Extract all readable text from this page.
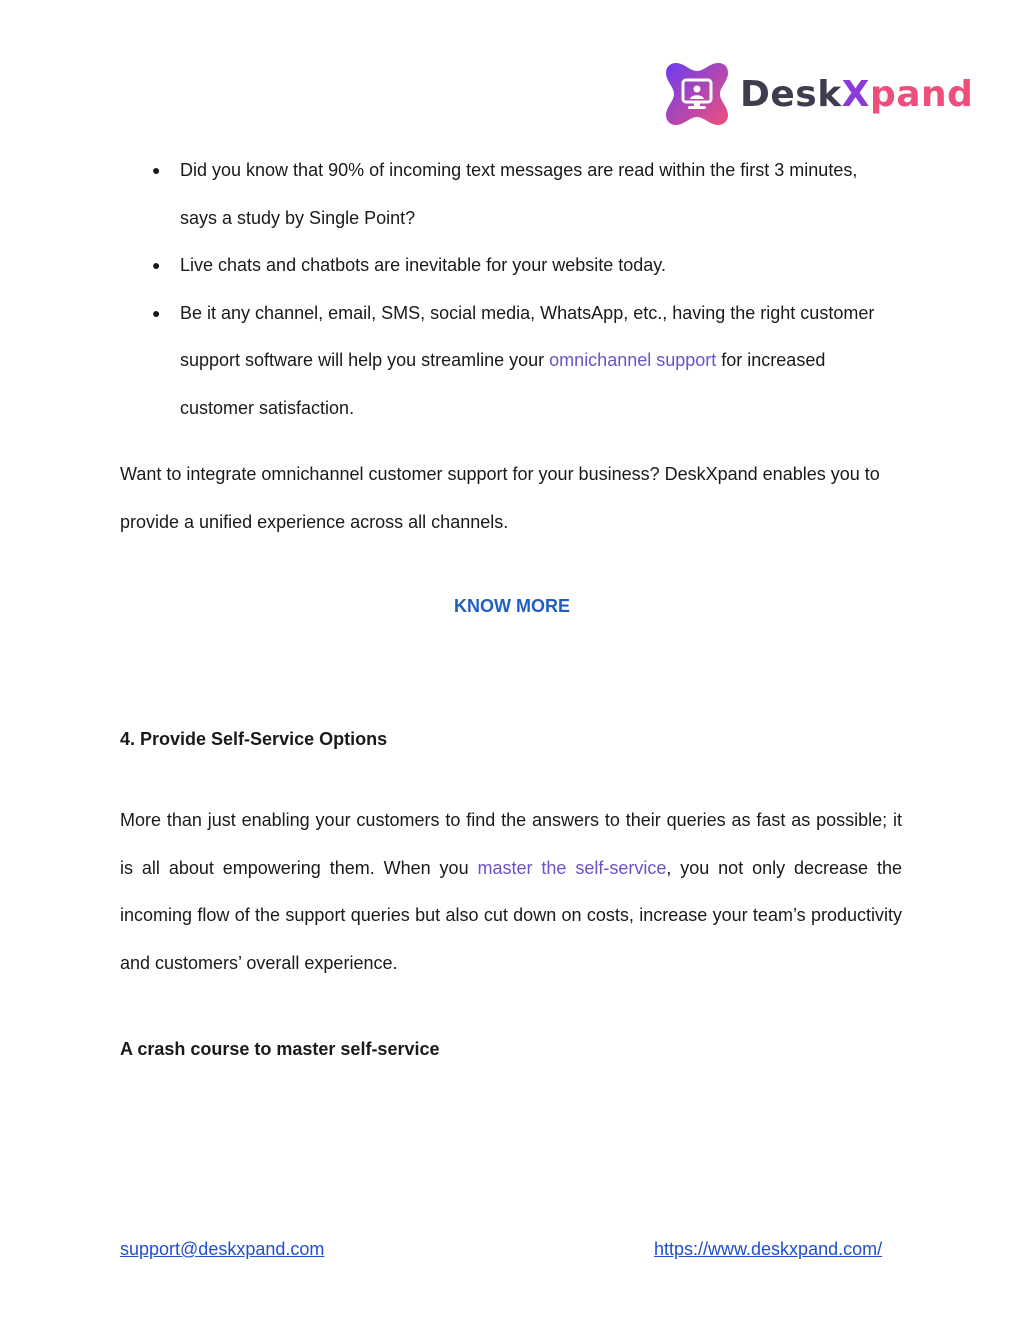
DeskXpand
● Did you know that 90% of incoming text messages are read within the first 3 minutes, says a study by Single Point?
● Live chats and chatbots are inevitable for your website today.
● Be it any channel, email, SMS, social media, WhatsApp, etc., having the right customer support software will help you streamline your omnichannel support for increased customer satisfaction.

Want to integrate omnichannel customer support for your business? DeskXpand enables you to provide a unified experience across all channels.

KNOW MORE
4. Provide Self-Service Options

More than just enabling your customers to find the answers to their queries as fast as possible; it is all about empowering them. When you master the self-service, you not only decrease the incoming flow of the support queries but also cut down on costs, increase your team’s productivity and customers’ overall experience.

A crash course to master self-service
support@deskxpand.com	https://www.deskxpand.com/
